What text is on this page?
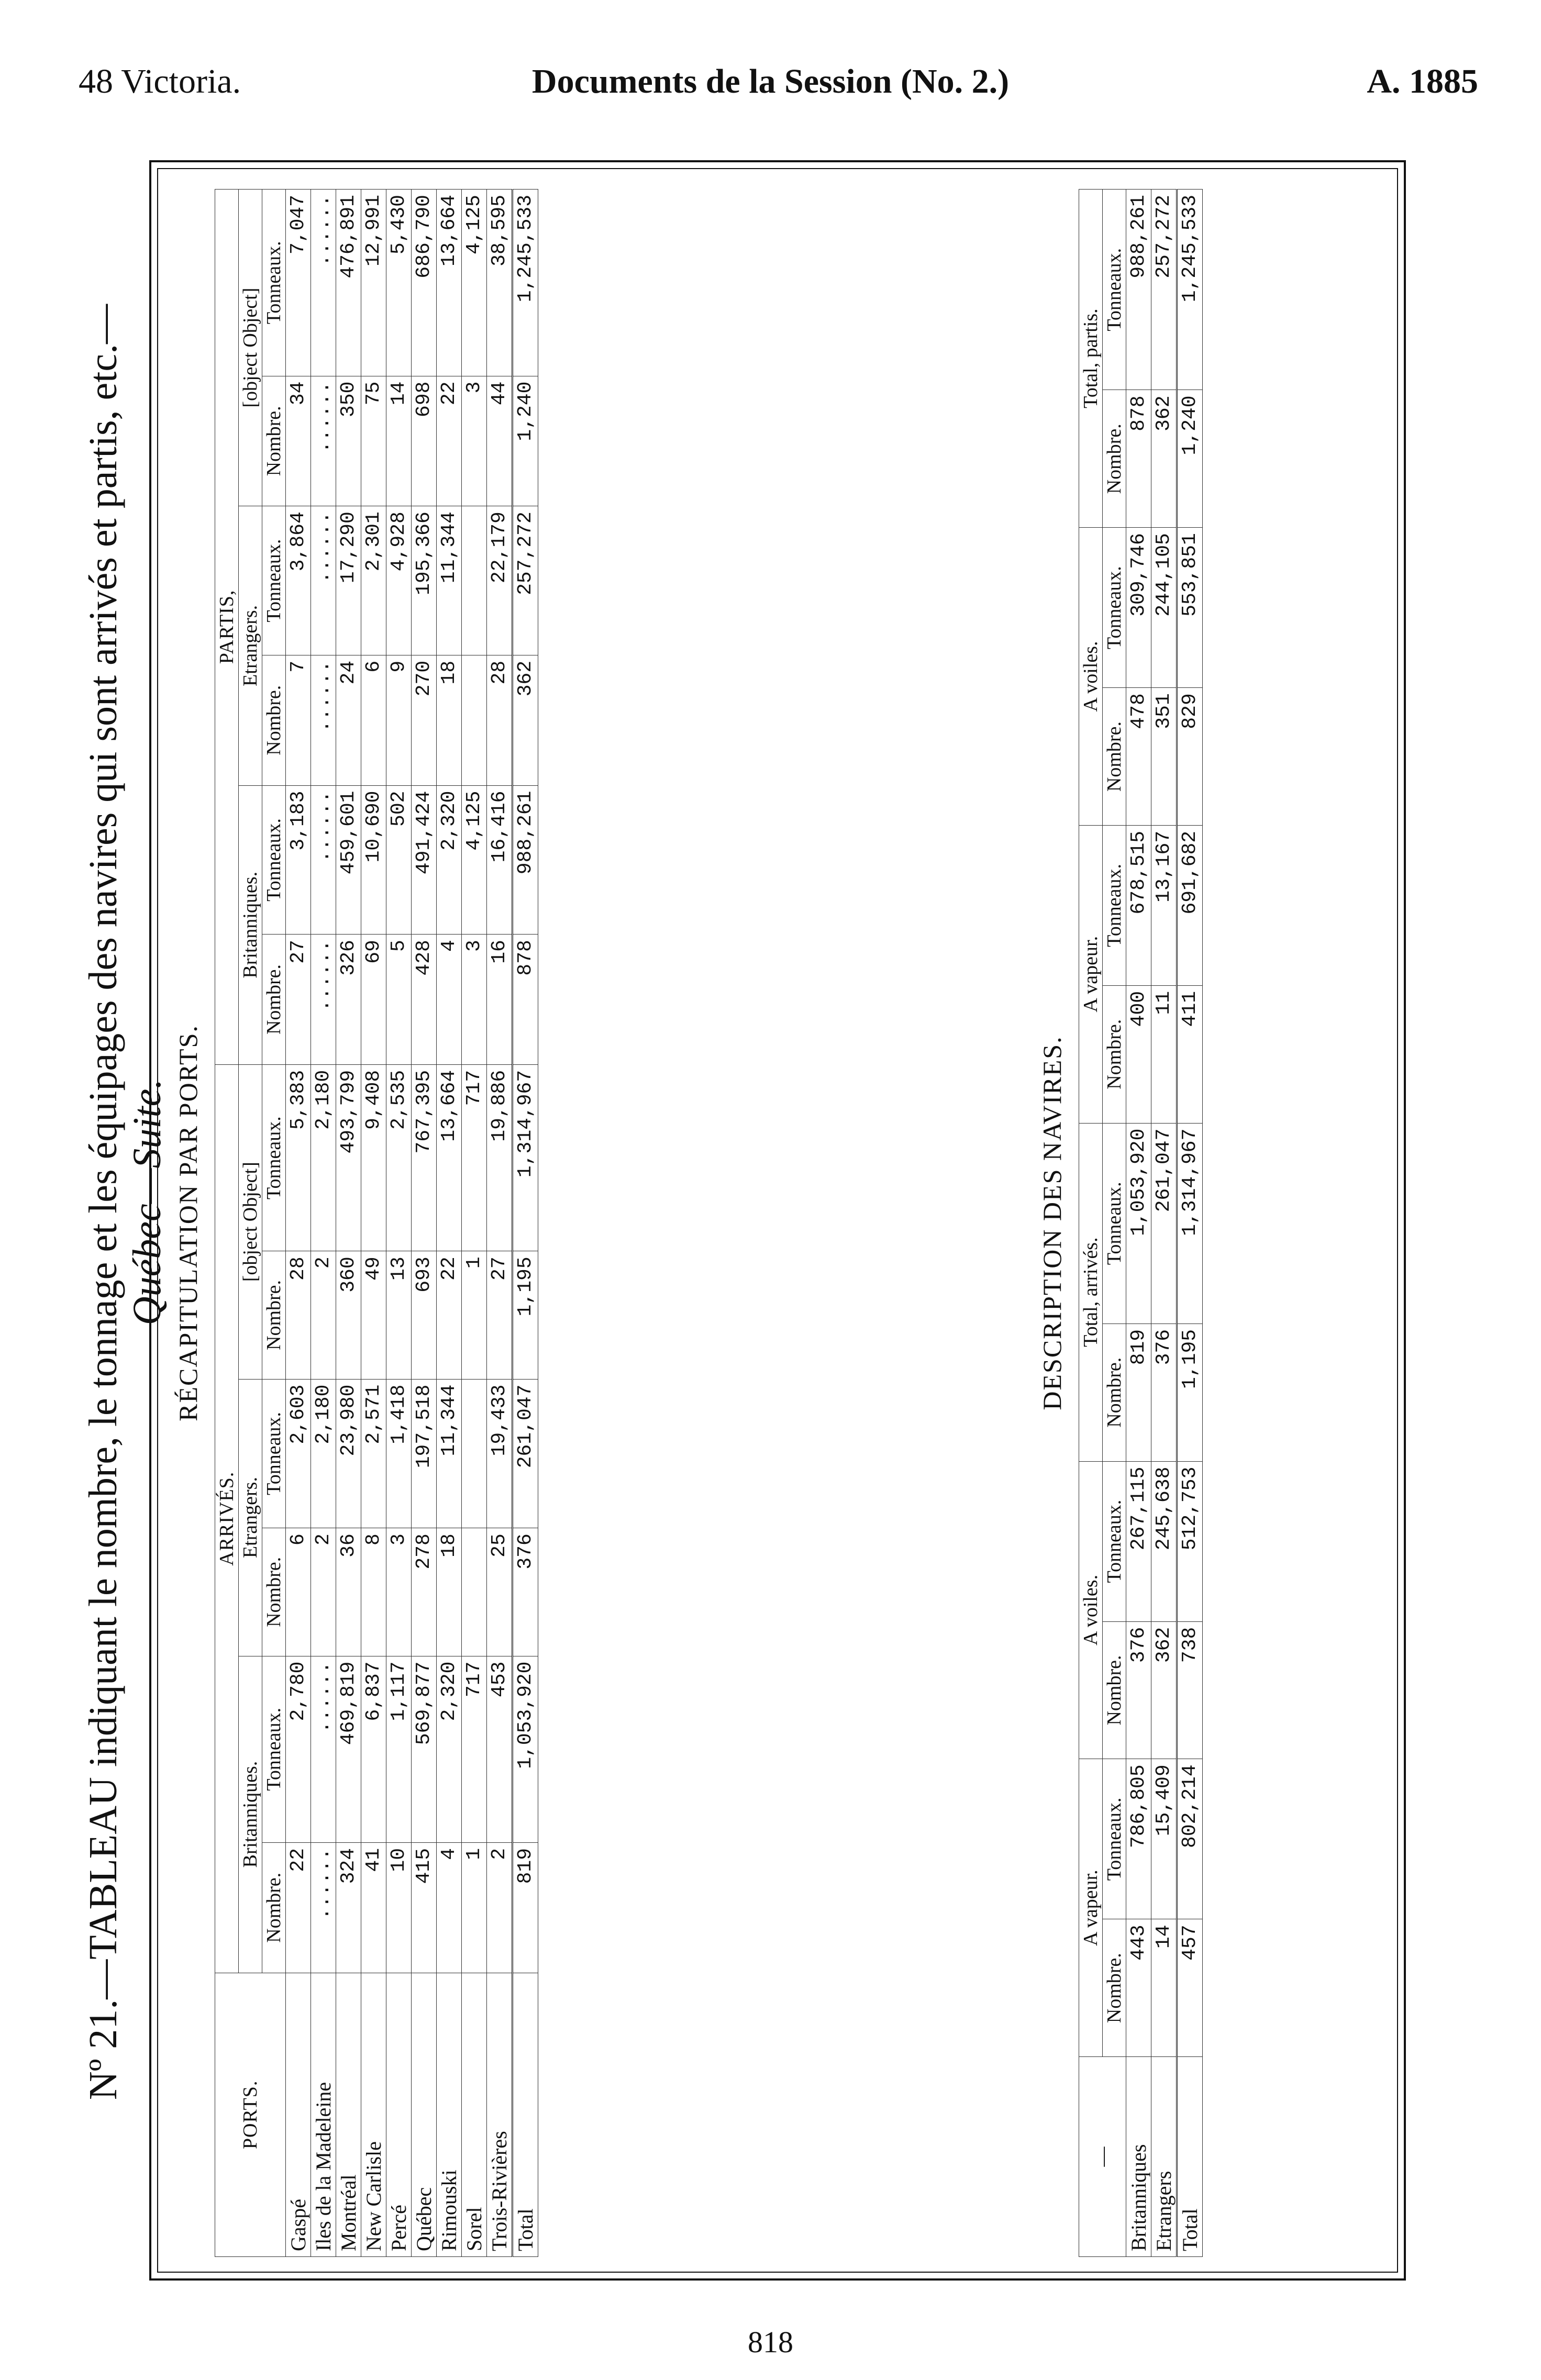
48 Victoria.	Documents de la Session (No. 2.)	A. 1885
Nº 21.—TABLEAU indiquant le nombre, le tonnage et les équipages des navires qui sont arrivés et partis, etc.— Québec—Suite. RÉCAPITULATION PAR PORTS.
PORTS.	ARRIVÉS.						PARTIS,					
	Britanniques.		Etrangers.		[object Object]		Britanniques.		Etrangers.		[object Object]	
	Nombre.	Tonneaux.	Nombre.	Tonneaux.	Nombre.	Tonneaux.	Nombre.	Tonneaux.	Nombre.	Tonneaux.	Nombre.	Tonneaux.
Gaspé	22	2,780	6	2,603	28	5,383	27	3,183	7	3,864	34	7,047
Iles de la Madeleine	......	......	2	2,180	2	2,180	......	......	......	......	......	......
Montréal	324	469,819	36	23,980	360	493,799	326	459,601	24	17,290	350	476,891
New Carlisle	41	6,837	8	2,571	49	9,408	69	10,690	6	2,301	75	12,991
Percé	10	1,117	3	1,418	13	2,535	5	502	9	4,928	14	5,430
Québec	415	569,877	278	197,518	693	767,395	428	491,424	270	195,366	698	686,790
Rimouski	4	2,320	18	11,344	22	13,664	4	2,320	18	11,344	22	13,664
Sorel	1	717			1	717	3	4,125			3	4,125
Trois-Rivières	2	453	25	19,433	27	19,886	16	16,416	28	22,179	44	38,595
Total	819	1,053,920	376	261,047	1,195	1,314,967	878	988,261	362	257,272	1,240	1,245,533
DESCRIPTION DES NAVIRES.
—	A vapeur.		A voiles.		Total, arrivés.		A vapeur.		A voiles.		Total, partis.	
	Nombre.	Tonneaux.	Nombre.	Tonneaux.	Nombre.	Tonneaux.	Nombre.	Tonneaux.	Nombre.	Tonneaux.	Nombre.	Tonneaux.
Britanniques	443	786,805	376	267,115	819	1,053,920	400	678,515	478	309,746	878	988,261
Etrangers	14	15,409	362	245,638	376	261,047	11	13,167	351	244,105	362	257,272
Total	457	802,214	738	512,753	1,195	1,314,967	411	691,682	829	553,851	1,240	1,245,533
818
